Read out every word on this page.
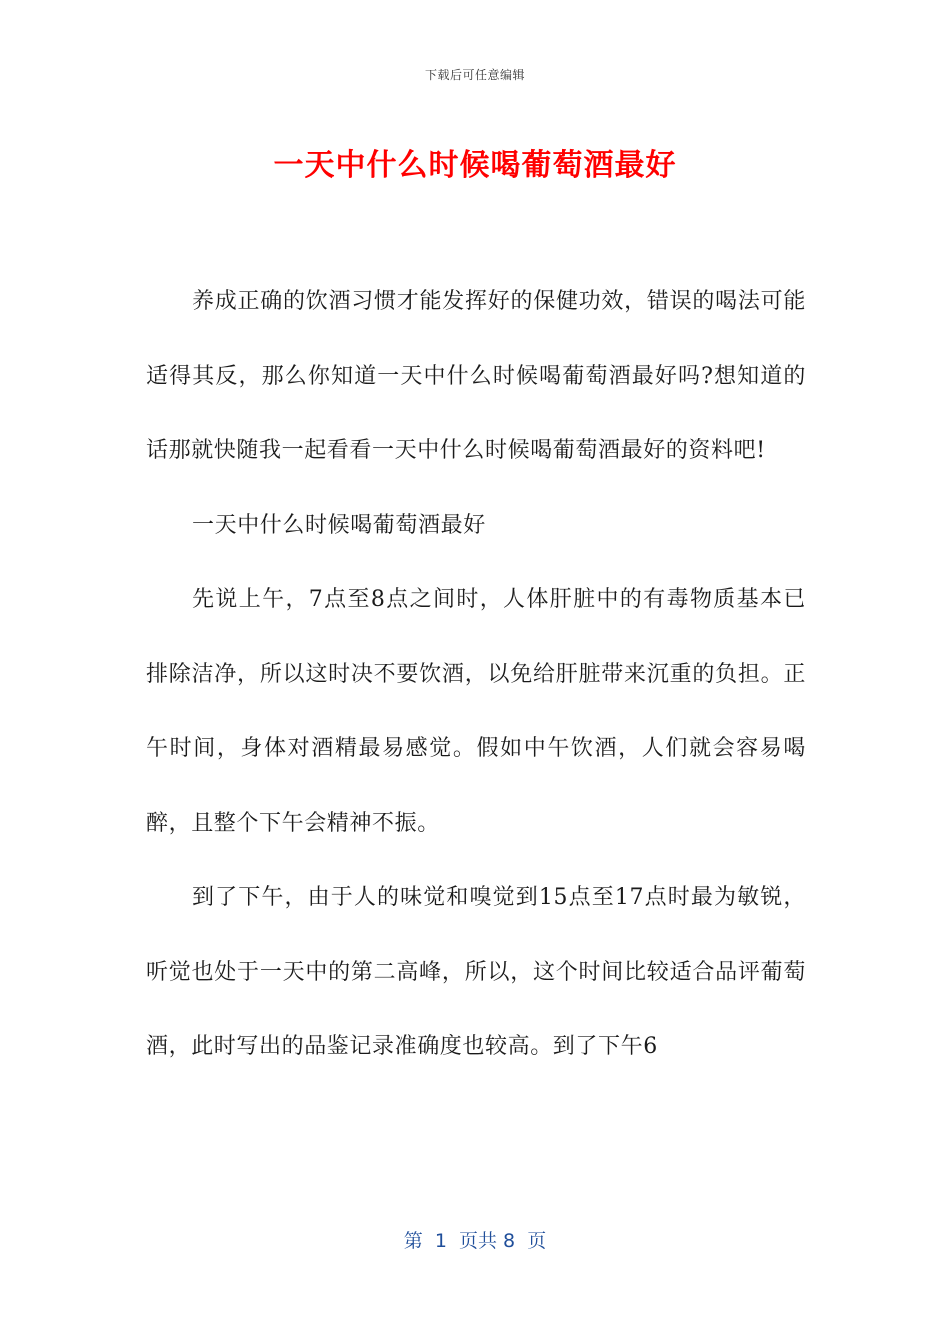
下载后可任意编辑
一天中什么时候喝葡萄酒最好

养成正确的饮酒习惯才能发挥好的保健功效，错误的喝法可能适得其反，那么你知道一天中什么时候喝葡萄酒最好吗?想知道的话那就快随我一起看看一天中什么时候喝葡萄酒最好的资料吧!

一天中什么时候喝葡萄酒最好

先说上午，7点至8点之间时，人体肝脏中的有毒物质基本已排除洁净，所以这时决不要饮酒，以免给肝脏带来沉重的负担。正午时间，身体对酒精最易感觉。假如中午饮酒，人们就会容易喝醉，且整个下午会精神不振。

到了下午，由于人的味觉和嗅觉到15点至17点时最为敏锐，听觉也处于一天中的第二高峰，所以，这个时间比较适合品评葡萄酒，此时写出的品鉴记录准确度也较高。到了下午6

第  1  页共 8  页
